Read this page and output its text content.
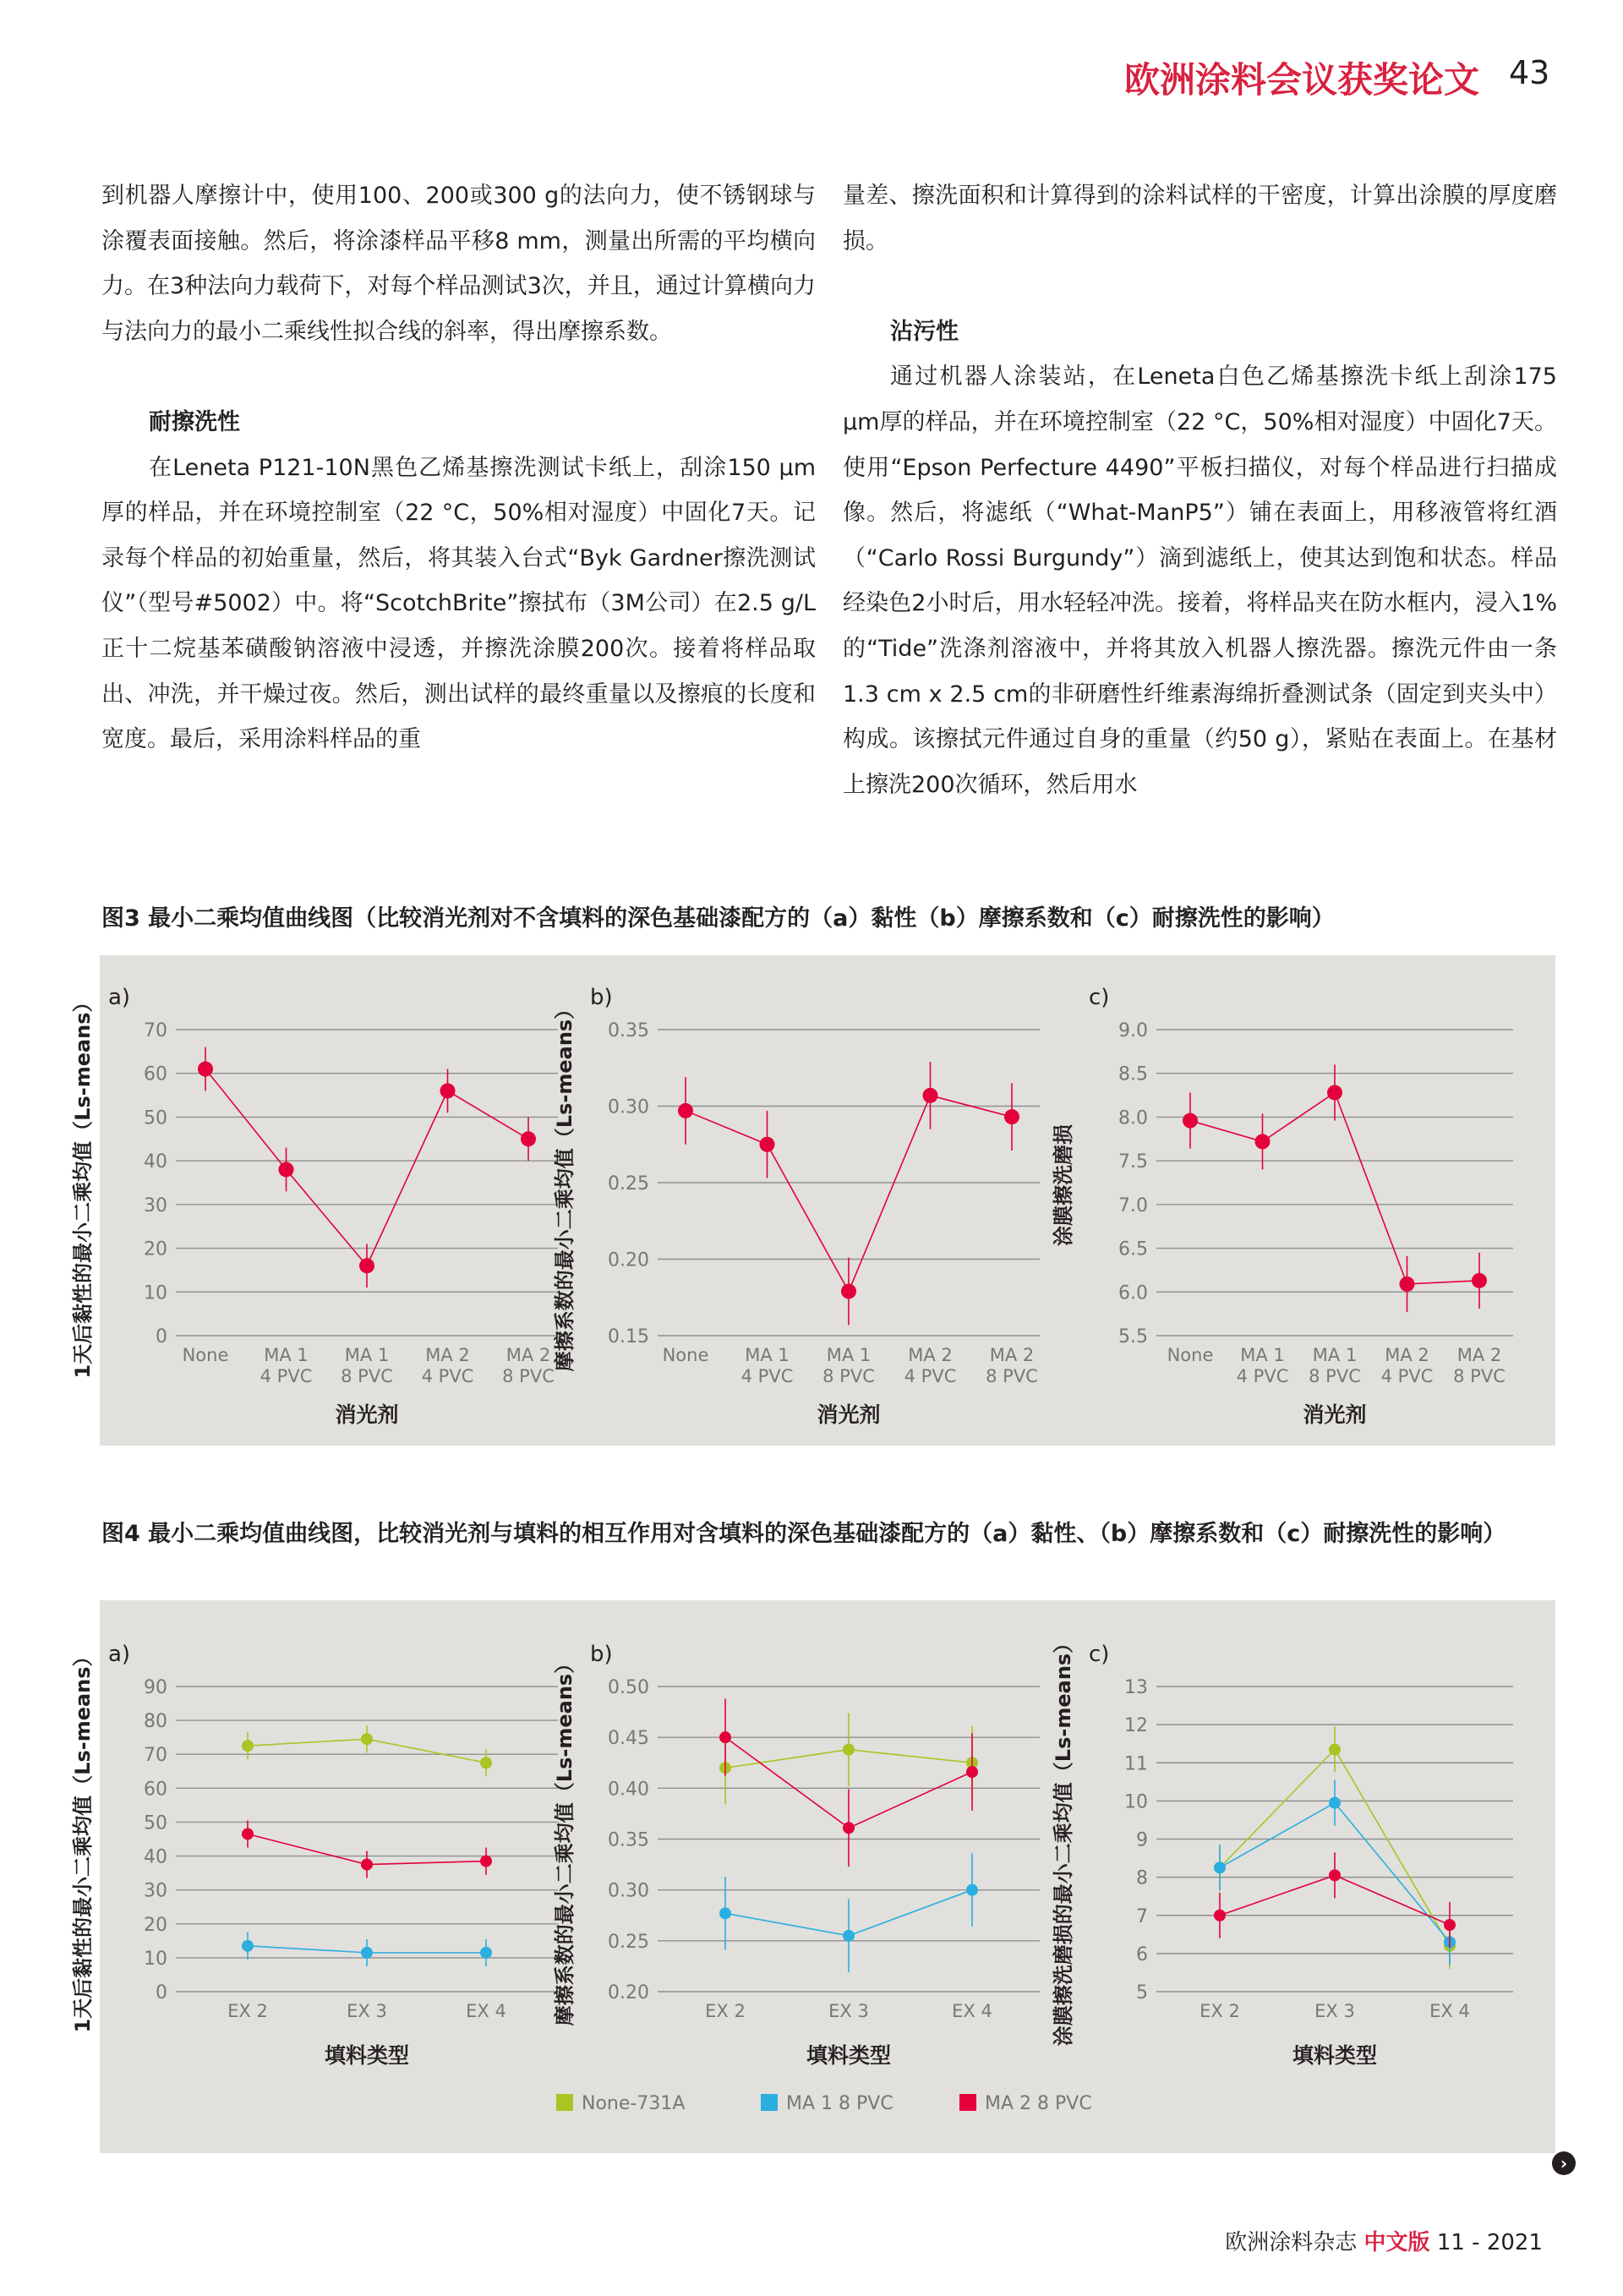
欧洲涂料会议获奖论文 43

到机器人摩擦计中，使用100、200或300 g的法向力，使不锈钢球与涂覆表面接触。然后，将涂漆样品平移8 mm，测量出所需的平均横向力。在3种法向力载荷下，对每个样品测试3次，并且，通过计算横向力与法向力的最小二乘线性拟合线的斜率，得出摩擦系数。

耐擦洗性

在Leneta P121-10N黑色乙烯基擦洗测试卡纸上，刮涂150 μm厚的样品，并在环境控制室（22 °C，50%相对湿度）中固化7天。记录每个样品的初始重量，然后，将其装入台式“Byk Gardner擦洗测试仪”（型号#5002）中。将“ScotchBrite”擦拭布（3M公司）在2.5 g/L正十二烷基苯磺酸钠溶液中浸透，并擦洗涂膜200次。接着将样品取出、冲洗，并干燥过夜。然后，测出试样的最终重量以及擦痕的长度和宽度。最后，采用涂料样品的重

量差、擦洗面积和计算得到的涂料试样的干密度，计算出涂膜的厚度磨损。

沾污性

通过机器人涂装站，在Leneta白色乙烯基擦洗卡纸上刮涂175 μm厚的样品，并在环境控制室（22 °C，50%相对湿度）中固化7天。使用“Epson Perfecture 4490”平板扫描仪，对每个样品进行扫描成像。然后，将滤纸（“What-ManP5”）铺在表面上，用移液管将红酒（“Carlo Rossi Burgundy”）滴到滤纸上，使其达到饱和状态。样品经染色2小时后，用水轻轻冲洗。接着，将样品夹在防水框内，浸入1%的“Tide”洗涤剂溶液中，并将其放入机器人擦洗器。擦洗元件由一条1.3 cm x 2.5 cm的非研磨性纤维素海绵折叠测试条（固定到夹头中）构成。该擦拭元件通过自身的重量（约50 g），紧贴在表面上。在基材上擦洗200次循环，然后用水

图3 最小二乘均值曲线图（比较消光剂对不含填料的深色基础漆配方的（a）黏性（b）摩擦系数和（c）耐擦洗性的影响）
a)
0
10
20
30
40
50
60
70
None MA 1 4 PVC
MA 1 8 PVC
MA 2 4 PVC
MA 2 8 PVC
消光剂
1天后黏性的最小二乘均值（Ls-means）	b)
0.15
0.20
0.25
0.30
0.35
None MA 1 4 PVC
MA 1 8 PVC
MA 2 4 PVC
MA 2 8 PVC
消光剂
摩擦系数的最小二乘均值（Ls-means）
c)
5.5
6.0
6.5
7.0
7.5
8.0
8.5
9.0
None MA 1 4 PVC
MA 1 8 PVC
MA 2 4 PVC
MA 2 8 PVC
消光剂
涂膜擦洗磨损
图4 最小二乘均值曲线图，比较消光剂与填料的相互作用对含填料的深色基础漆配方的（a）黏性、（b）摩擦系数和（c）耐擦洗性的影响）
a)
0
10
20
30
40
50
60
70
80
90
EX 2	EX 3	EX 4
填料类型
1天后黏性的最小二乘均值（Ls-means）	b)
0.20
0.25
0.30
0.35
0.40
0.45
0.50
EX 2	EX 3	EX 4
填料类型
摩擦系数的最小二乘均值（Ls-means）	c)
5
6
7
8
9
10
11
12
13
EX 2	EX 3	EX 4
填料类型
涂膜擦洗磨损的最小二乘均值（Ls-means）
None-731A	MA 1 8 PVC	MA 2 8 PVC
›
欧洲涂料杂志 中文版 11 - 2021
